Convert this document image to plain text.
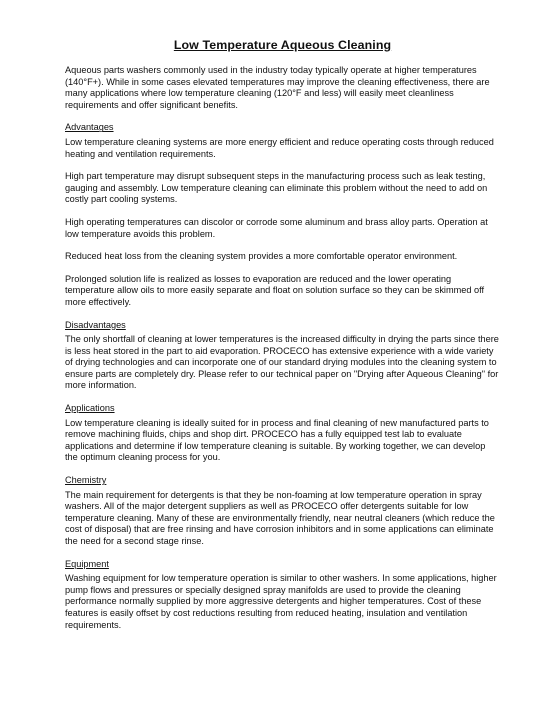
Low Temperature Aqueous Cleaning

Aqueous parts washers commonly used in the industry today typically operate at higher temperatures (140°F+). While in some cases elevated temperatures may improve the cleaning effectiveness, there are many applications where low temperature cleaning (120°F and less) will easily meet cleanliness requirements and offer significant benefits.

Advantages

Low temperature cleaning systems are more energy efficient and reduce operating costs through reduced heating and ventilation requirements.

High part temperature may disrupt subsequent steps in the manufacturing process such as leak testing, gauging and assembly. Low temperature cleaning can eliminate this problem without the need to add on costly part cooling systems.

High operating temperatures can discolor or corrode some aluminum and brass alloy parts. Operation at low temperature avoids this problem.

Reduced heat loss from the cleaning system provides a more comfortable operator environment.

Prolonged solution life is realized as losses to evaporation are reduced and the lower operating temperature allow oils to more easily separate and float on solution surface so they can be skimmed off more effectively.

Disadvantages

The only shortfall of cleaning at lower temperatures is the increased difficulty in drying the parts since there is less heat stored in the part to aid evaporation. PROCECO has extensive experience with a wide variety of drying technologies and can incorporate one of our standard drying modules into the cleaning system to ensure parts are completely dry. Please refer to our technical paper on "Drying after Aqueous Cleaning" for more information.

Applications

Low temperature cleaning is ideally suited for in process and final cleaning of new manufactured parts to remove machining fluids, chips and shop dirt. PROCECO has a fully equipped test lab to evaluate applications and determine if low temperature cleaning is suitable. By working together, we can develop the optimum cleaning process for you.

Chemistry

The main requirement for detergents is that they be non-foaming at low temperature operation in spray washers. All of the major detergent suppliers as well as PROCECO offer detergents suitable for low temperature cleaning. Many of these are environmentally friendly, near neutral cleaners (which reduce the cost of disposal) that are free rinsing and have corrosion inhibitors and in some applications can eliminate the need for a second stage rinse.

Equipment

Washing equipment for low temperature operation is similar to other washers. In some applications, higher pump flows and pressures or specially designed spray manifolds are used to provide the cleaning performance normally supplied by more aggressive detergents and higher temperatures. Cost of these features is easily offset by cost reductions resulting from reduced heating, insulation and ventilation requirements.
